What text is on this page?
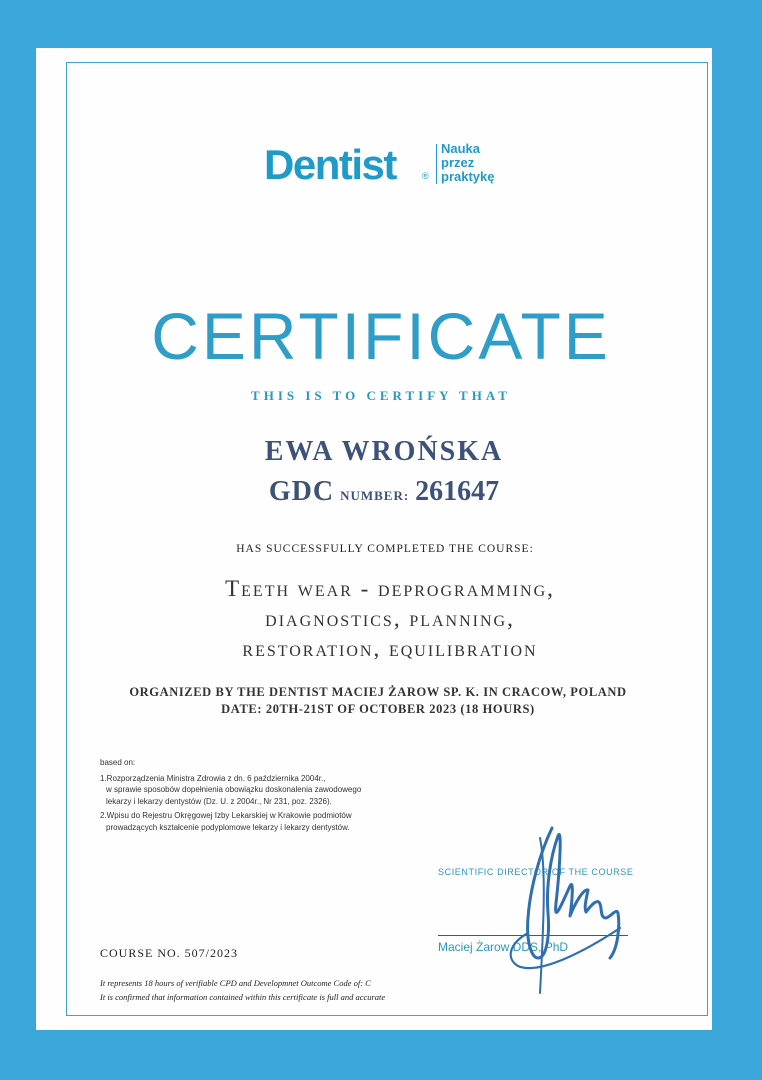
Dentist	®
Nauka
przez
praktykę
CERTIFICATE
THIS IS TO CERTIFY THAT
EWA WROŃSKA
GDC NUMBER: 261647
HAS SUCCESSFULLY COMPLETED THE COURSE:
Teeth wear - deprogramming,
diagnostics, planning,
restoration, equilibration
ORGANIZED BY THE DENTIST MACIEJ ŻAROW SP. K. IN CRACOW, POLAND
DATE: 20TH-21ST OF OCTOBER 2023 (18 HOURS)
based on:
1.Rozporządzenia Ministra Zdrowia z dn. 6 października 2004r.,
w sprawie sposobów dopełnienia obowiązku doskonalenia zawodowego
lekarzy i lekarzy dentystów (Dz. U. z 2004r., Nr 231, poz. 2326).
2.Wpisu do Rejestru Okręgowej Izby Lekarskiej w Krakowie podmiotów
prowadzących kształcenie podyplomowe lekarzy i lekarzy dentystów.
SCIENTIFIC DIRECTOR OF THE COURSE
Maciej Żarow DDS, PhD
COURSE NO. 507/2023
It represents 18 hours of verifiable CPD and Developmnet Outcome Code of: C
It is confirmed that information contained within this certificate is full and accurate
